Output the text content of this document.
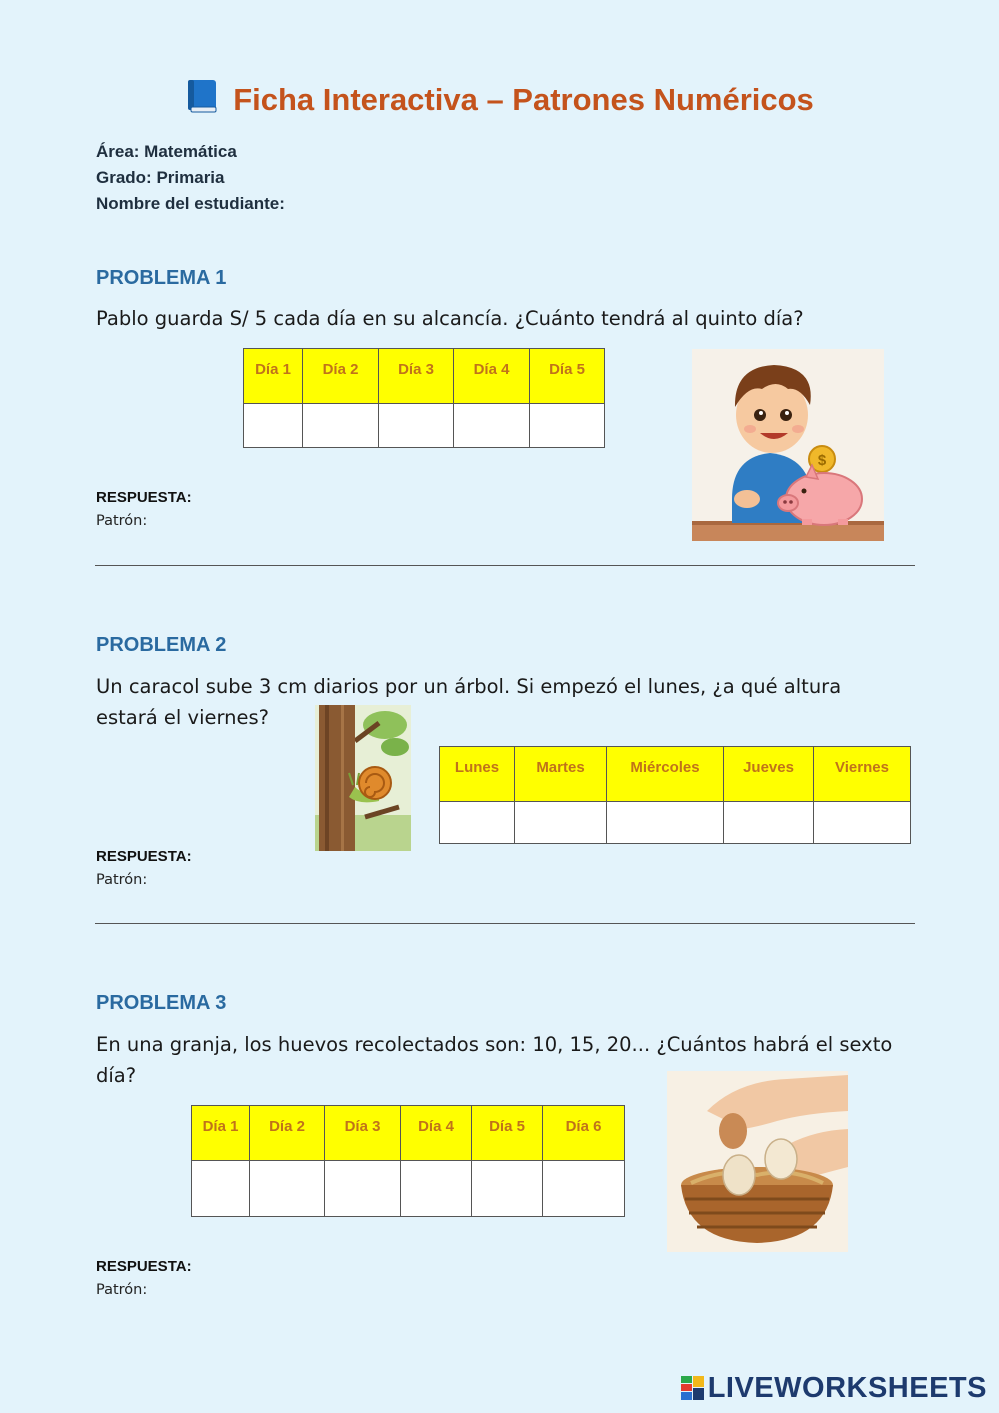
Ficha Interactiva – Patrones Numéricos
Área: Matemática
Grado: Primaria
Nombre del estudiante:
PROBLEMA 1
Pablo guarda S/ 5 cada día en su alcancía. ¿Cuánto tendrá al quinto día?
Día 1	Día 2	Día 3	Día 4	Día 5

$
RESPUESTA:
Patrón:
PROBLEMA 2
Un caracol sube 3 cm diarios por un árbol. Si empezó el lunes, ¿a qué altura
estará el viernes?
Lunes	Martes	Miércoles	Jueves	Viernes

RESPUESTA:
Patrón:
PROBLEMA 3
En una granja, los huevos recolectados son: 10, 15, 20... ¿Cuántos habrá el sexto
día?
Día 1	Día 2	Día 3	Día 4	Día 5	Día 6

RESPUESTA:
Patrón:
LIVEWORKSHEETS
